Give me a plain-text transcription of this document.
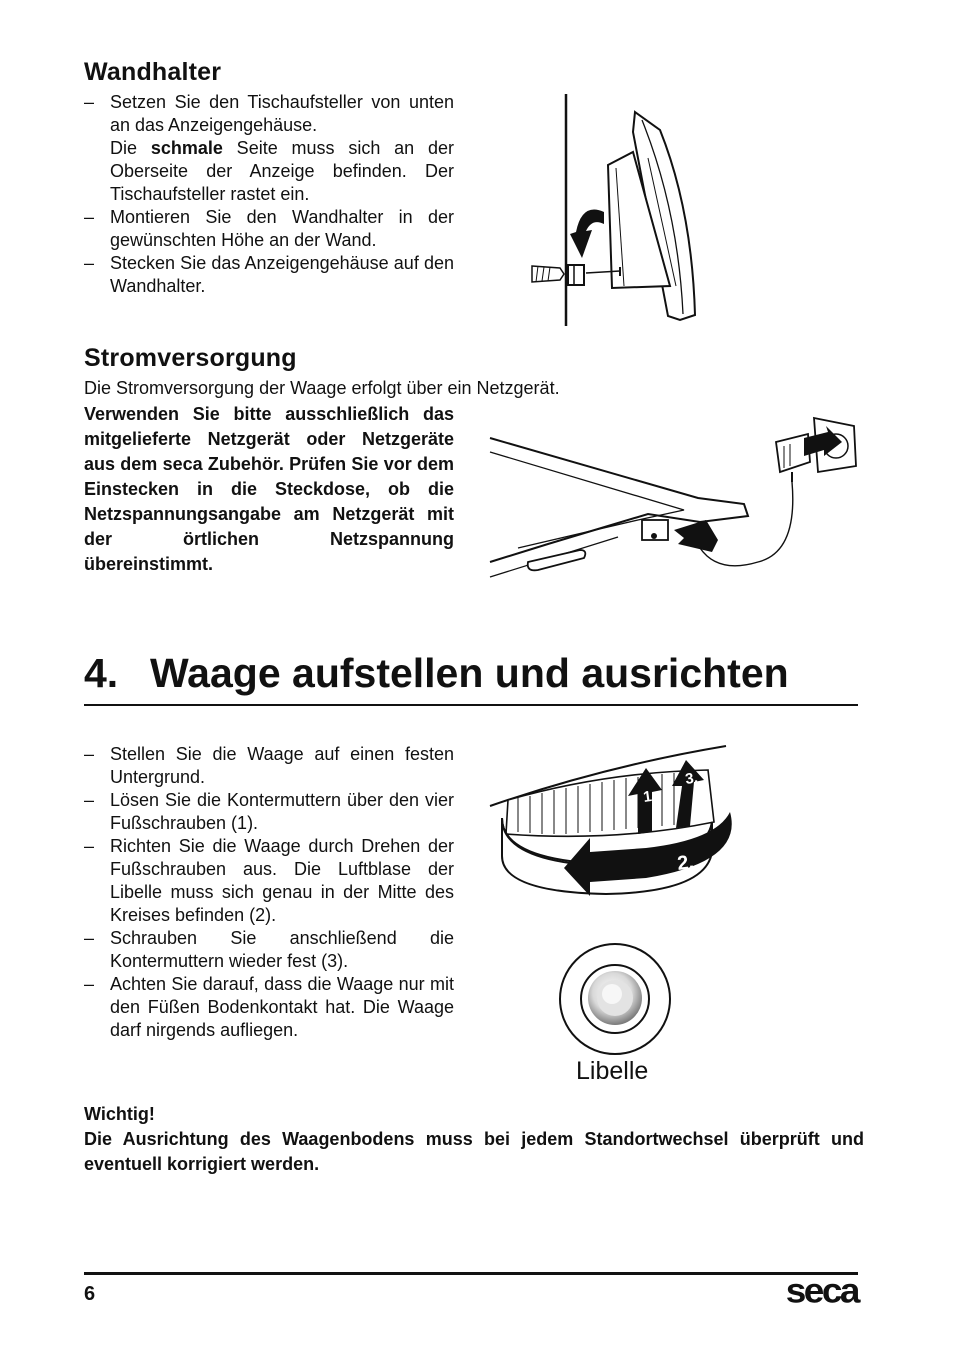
Wandhalter
– Setzen Sie den Tischaufsteller von unten an das Anzeigengehäuse.
Die schmale Seite muss sich an der Oberseite der Anzeige befinden. Der Tischaufsteller rastet ein.
– Montieren Sie den Wandhalter in der gewünschten Höhe an der Wand.
– Stecken Sie das Anzeigengehäuse auf den Wandhalter.
Stromversorgung
Die Stromversorgung der Waage erfolgt über ein Netzgerät.
Verwenden Sie bitte ausschließlich das mitgelieferte Netzgerät oder Netzgeräte aus dem seca Zubehör. Prüfen Sie vor dem Einstecken in die Steckdose, ob die Netzspannungsangabe am Netzgerät mit der örtlichen Netzspannung übereinstimmt.
4. Waage aufstellen und ausrichten
– Stellen Sie die Waage auf einen festen Untergrund.
– Lösen Sie die Kontermuttern über den vier Fußschrauben (1).
– Richten Sie die Waage durch Drehen der Fußschrauben aus. Die Luftblase der Libelle muss sich genau in der Mitte des Kreises befinden (2).
– Schrauben Sie anschließend die Kontermuttern wieder fest (3).
– Achten Sie darauf, dass die Waage nur mit den Füßen Bodenkontakt hat. Die Waage darf nirgends aufliegen.
1.
3.
2.
Libelle
Wichtig!
Die Ausrichtung des Waagenbodens muss bei jedem Standortwechsel überprüft und eventuell korrigiert werden.
6	seca
